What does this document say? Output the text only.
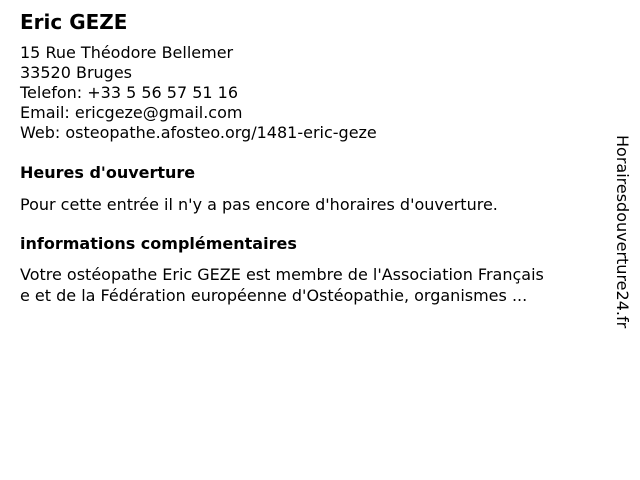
Eric GEZE
15 Rue Théodore Bellemer
33520 Bruges
Telefon: +33 5 56 57 51 16
Email: ericgeze@gmail.com
Web: osteopathe.afosteo.org/1481-eric-geze
Heures d'ouverture
Pour cette entrée il n'y a pas encore d'horaires d'ouverture.
informations complémentaires
Votre ostéopathe Eric GEZE est membre de l'Association Français
e et de la Fédération européenne d'Ostéopathie, organismes ...	Horairesdouverture24.fr
